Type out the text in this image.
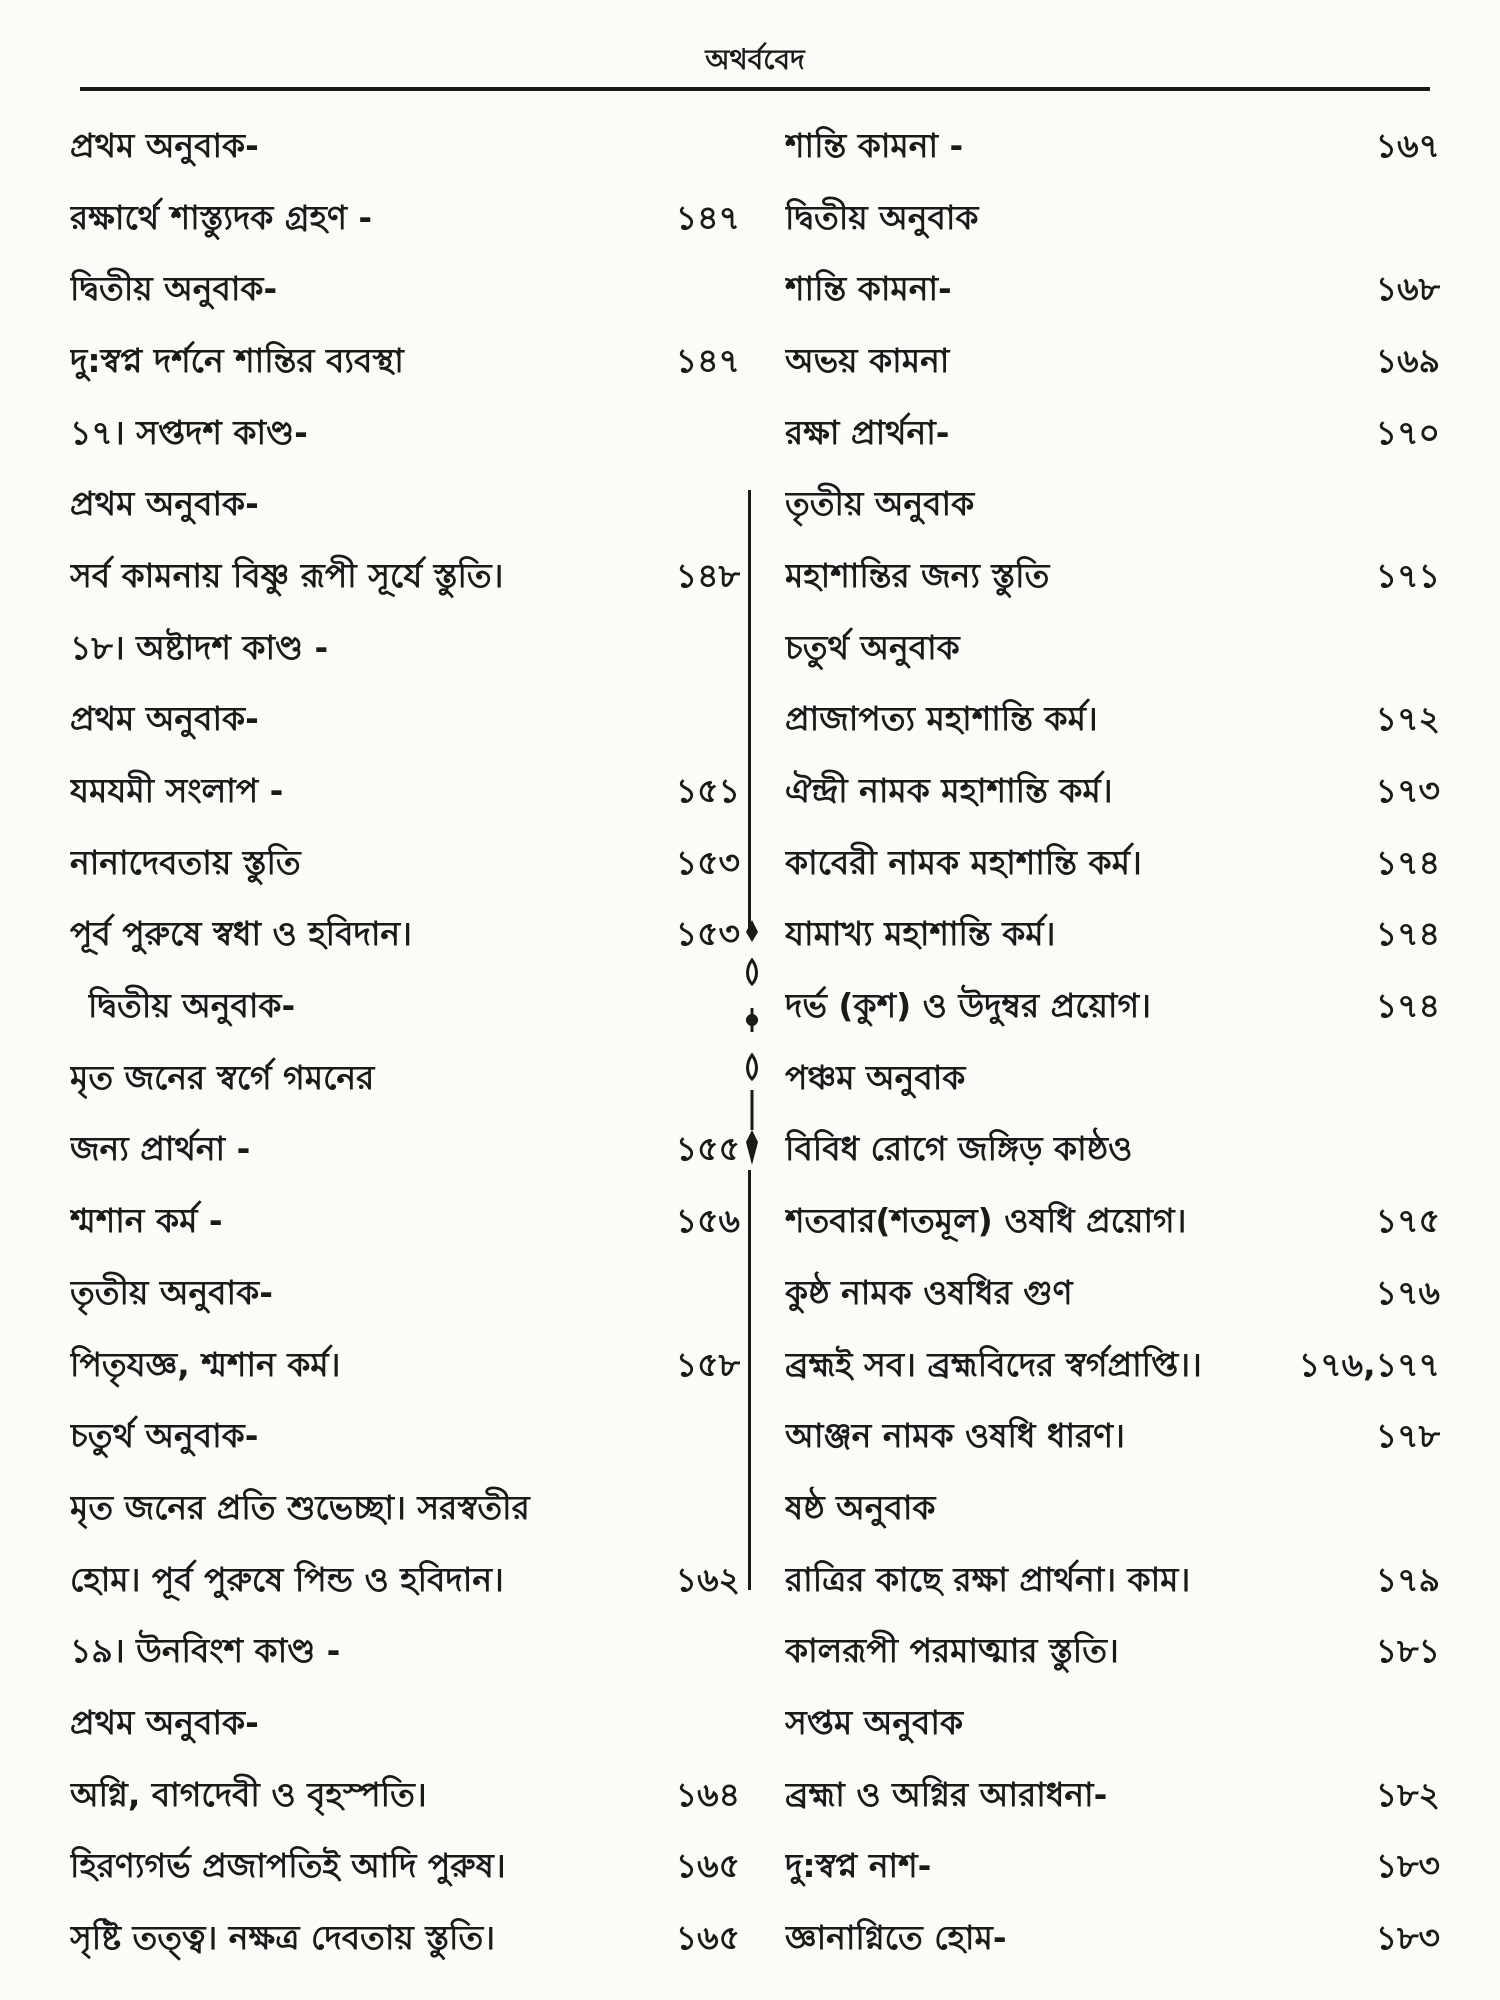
অথর্ববেদ
প্রথম অনুবাক-
রক্ষার্থে শাস্ত্যুদক গ্রহণ -	১৪৭
দ্বিতীয় অনুবাক-
দু:স্বপ্ন দর্শনে শান্তির ব্যবস্থা	১৪৭
১৭। সপ্তদশ কাণ্ড-
প্রথম অনুবাক-
সর্ব কামনায় বিষ্ণু রূপী সূর্যে স্তুতি।	১৪৮
১৮। অষ্টাদশ কাণ্ড -
প্রথম অনুবাক-
যমযমী সংলাপ -	১৫১
নানাদেবতায় স্তুতি	১৫৩
পূর্ব পুরুষে স্বধা ও হবিদান।	১৫৩
দ্বিতীয় অনুবাক-
মৃত জনের স্বর্গে গমনের
জন্য প্রার্থনা -	১৫৫
শ্মশান কর্ম -	১৫৬
তৃতীয় অনুবাক-
পিতৃযজ্ঞ, শ্মশান কর্ম।	১৫৮
চতুর্থ অনুবাক-
মৃত জনের প্রতি শুভেচ্ছা। সরস্বতীর
হোম। পূর্ব পুরুষে পিন্ড ও হবিদান।	১৬২
১৯। উনবিংশ কাণ্ড -
প্রথম অনুবাক-
অগ্নি, বাগদেবী ও বৃহস্পতি।	১৬৪
হিরণ্যগর্ভ প্রজাপতিই আদি পুরুষ।	১৬৫
সৃষ্টি তত্ত্ব। নক্ষত্র দেবতায় স্তুতি।	১৬৫
শান্তি কামনা -	১৬৭
দ্বিতীয় অনুবাক
শান্তি কামনা-	১৬৮
অভয় কামনা	১৬৯
রক্ষা প্রার্থনা-	১৭০
তৃতীয় অনুবাক
মহাশান্তির জন্য স্তুতি	১৭১
চতুর্থ অনুবাক
প্রাজাপত্য মহাশান্তি কর্ম।	১৭২
ঐন্দ্রী নামক মহাশান্তি কর্ম।	১৭৩
কাবেরী নামক মহাশান্তি কর্ম।	১৭৪
যামাখ্য মহাশান্তি কর্ম।	১৭৪
দর্ভ (কুশ) ও উদুম্বর প্রয়োগ।	১৭৪
পঞ্চম অনুবাক
বিবিধ রোগে জঙ্গিড় কাষ্ঠও
শতবার(শতমূল) ওষধি প্রয়োগ।	১৭৫
কুষ্ঠ নামক ওষধির গুণ	১৭৬
ব্রহ্মই সব। ব্রহ্মবিদের স্বর্গপ্রাপ্তি।।	১৭৬,১৭৭
আঞ্জন নামক ওষধি ধারণ।	১৭৮
ষষ্ঠ অনুবাক
রাত্রির কাছে রক্ষা প্রার্থনা। কাম।	১৭৯
কালরূপী পরমাত্মার স্তুতি।	১৮১
সপ্তম অনুবাক
ব্রহ্মা ও অগ্নির আরাধনা-	১৮২
দু:স্বপ্ন নাশ-	১৮৩
জ্ঞানাগ্নিতে হোম-	১৮৩
